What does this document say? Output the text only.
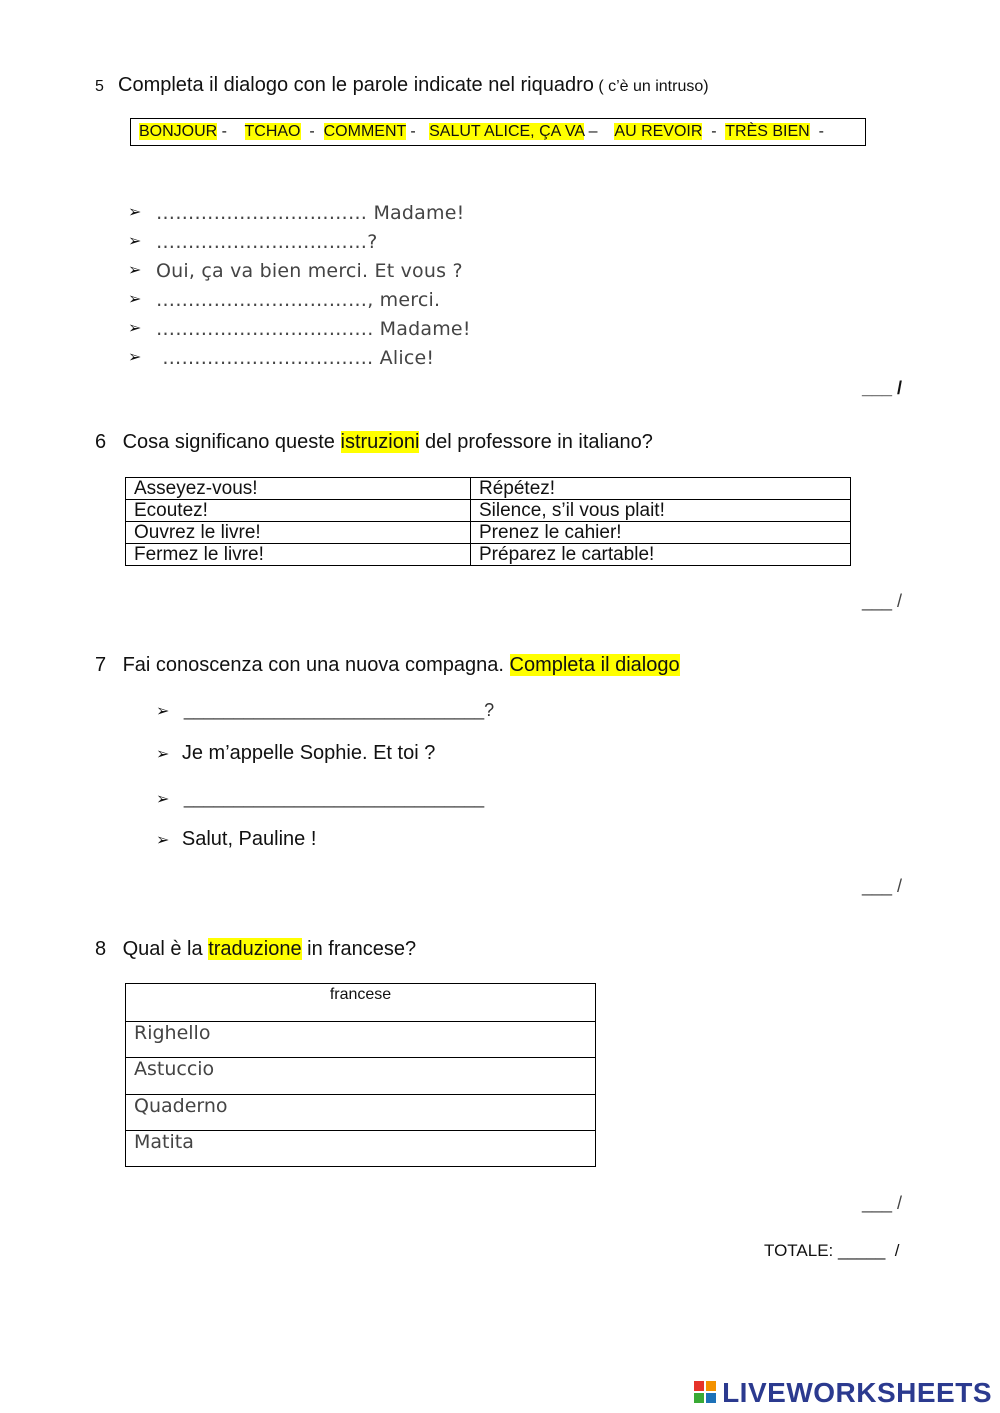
5 Completa il dialogo con le parole indicate nel riquadro ( c’è un intruso)
BONJOUR -    TCHAO  -  COMMENT -   SALUT ALICE, ÇA VA –    AU REVOIR  -  TRÈS BIEN  -
➢ …………………………… Madame!
➢ ……………………………?
➢ Oui, ça va bien merci. Et vous ?
➢ ……………………………, merci.
➢ ……………………………. Madame!
➢ …………………………… Alice!
___ /
6 Cosa significano queste istruzioni del professore in italiano?
Asseyez-vous!	Répétez!
Ecoutez!	Silence, s’il vous plait!
Ouvrez le livre!	Prenez le cahier!
Fermez le livre!	Préparez le cartable!
___ /
7 Fai conoscenza con una nuova compagna. Completa il dialogo
➢ ______________________________?
➢ Je m’appelle Sophie. Et toi ?
➢ ______________________________
➢ Salut, Pauline !
___ /
8 Qual è la traduzione in francese?
francese
Righello
Astuccio
Quaderno
Matita
___ /
TOTALE: _____  /
LIVEWORKSHEETS
